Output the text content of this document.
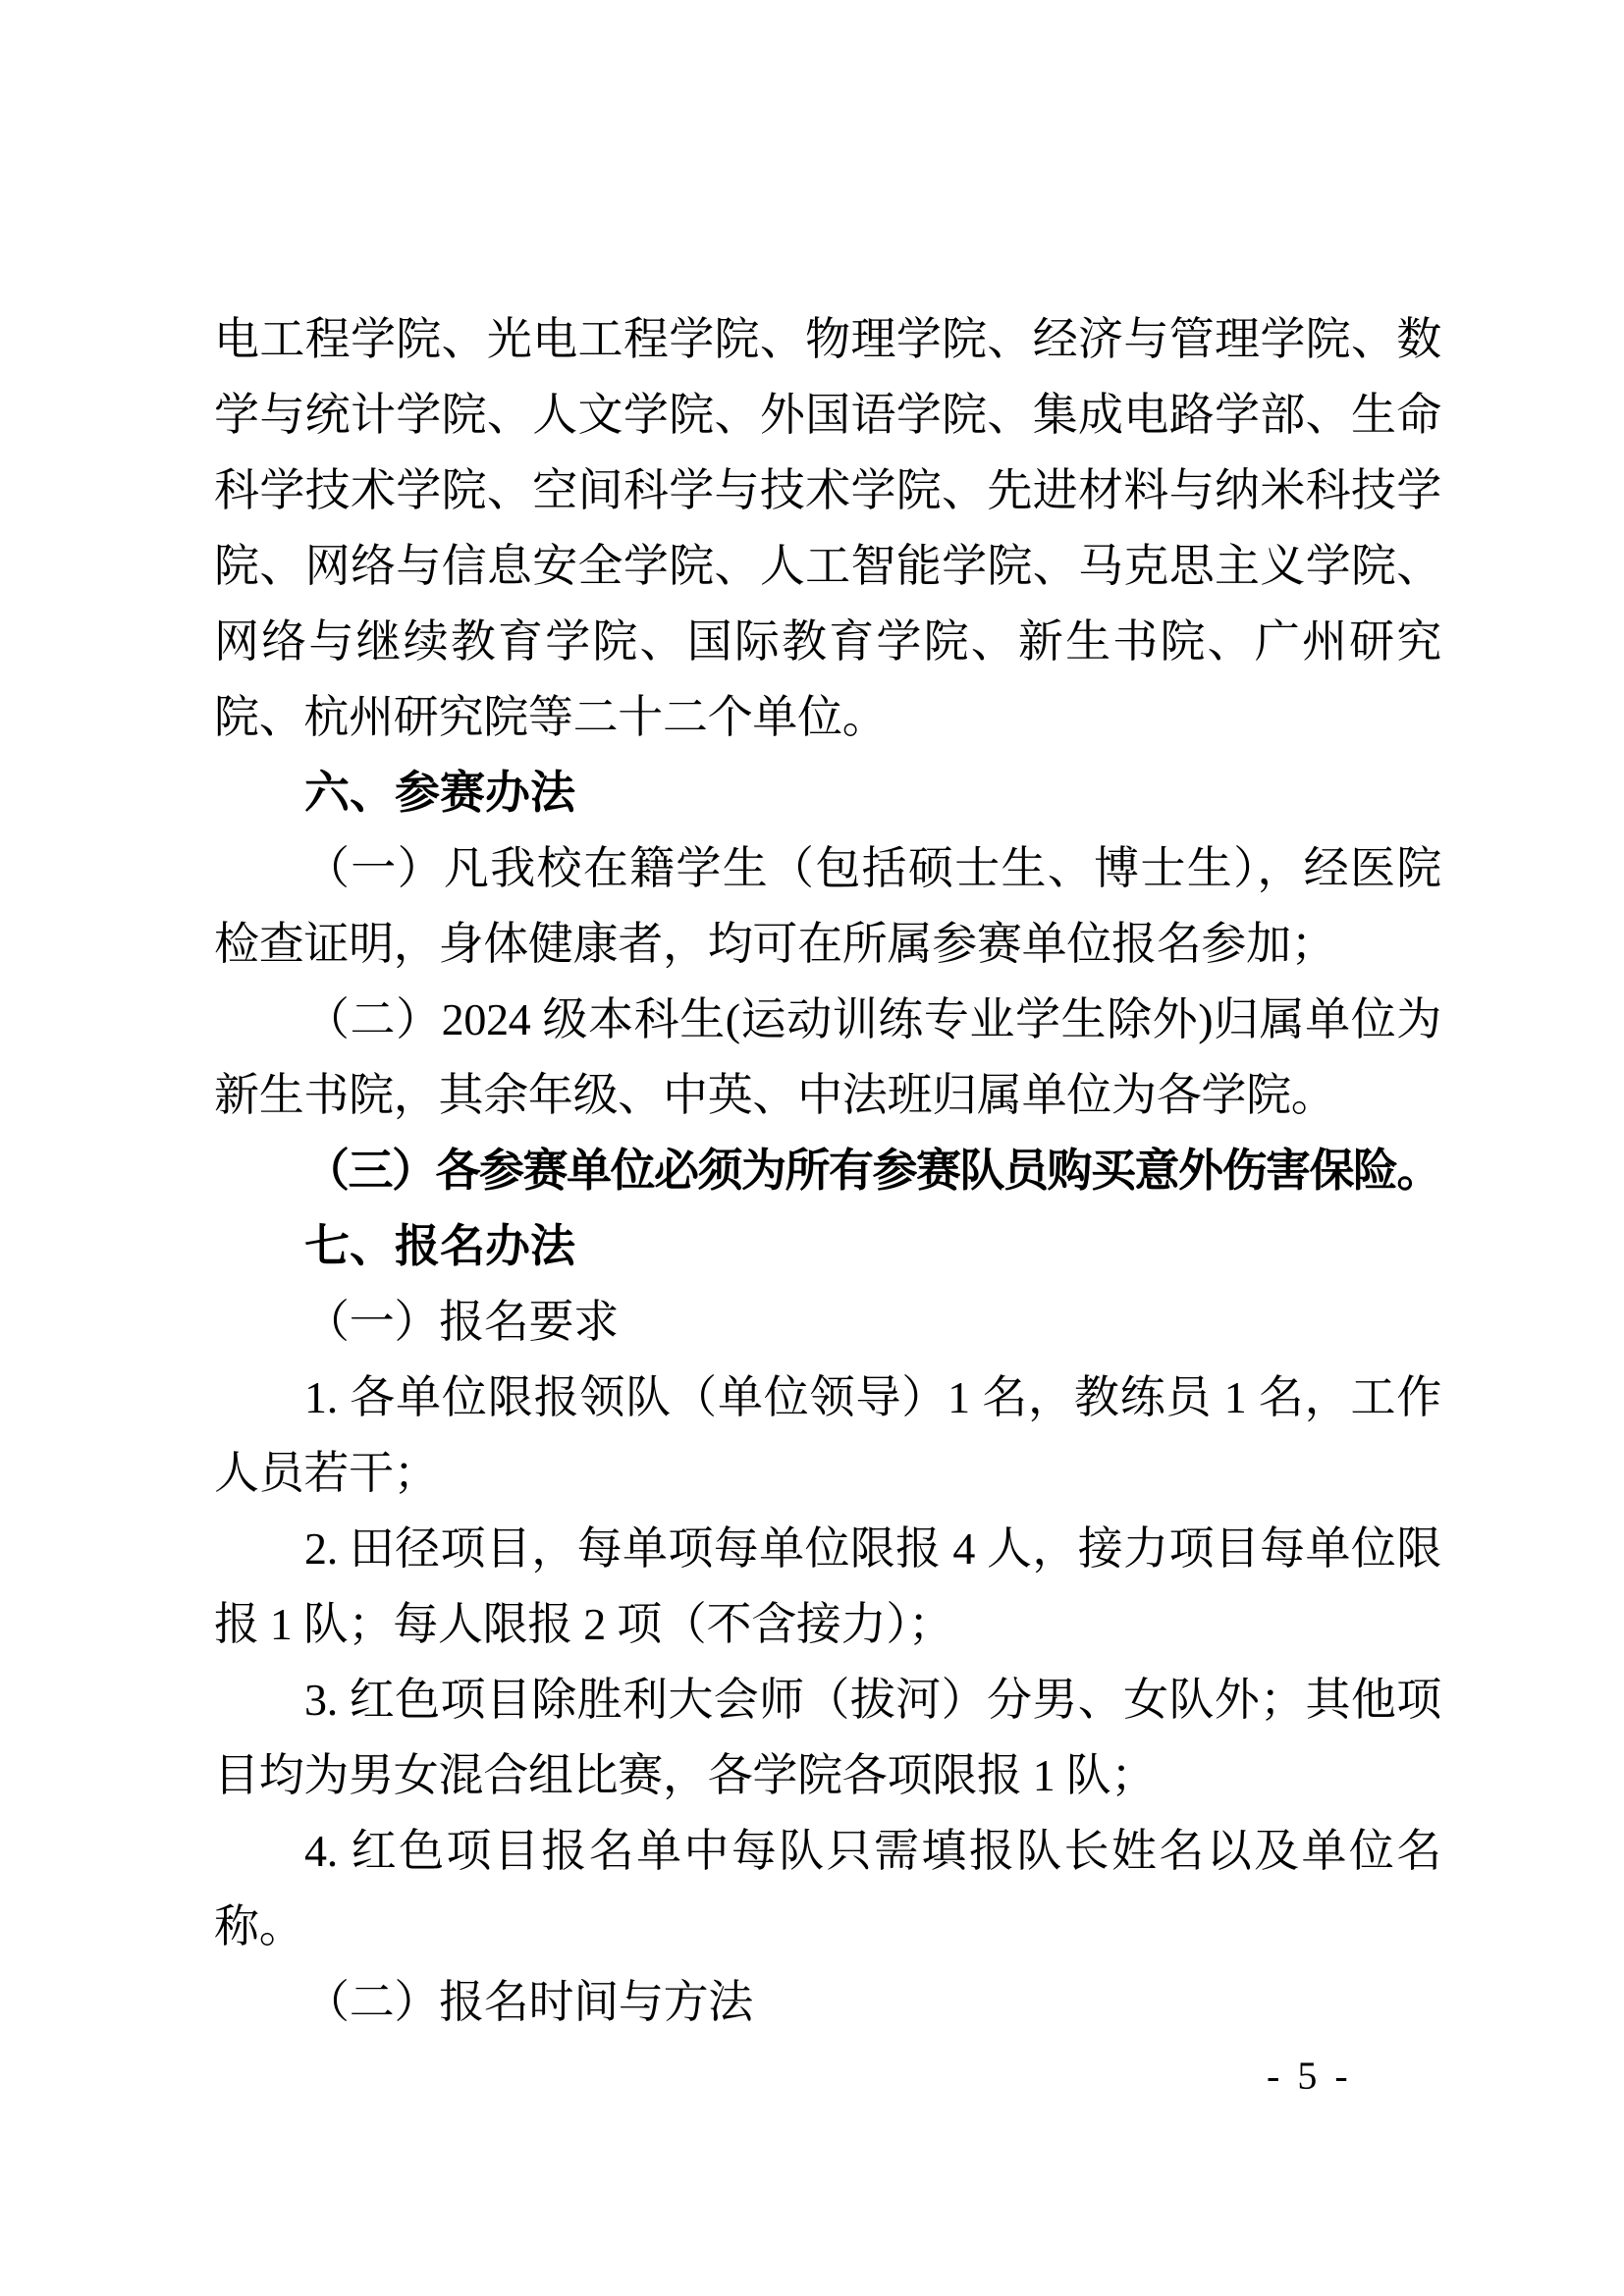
电工程学院、光电工程学院、物理学院、经济与管理学院、数学与统计学院、人文学院、外国语学院、集成电路学部、生命科学技术学院、空间科学与技术学院、先进材料与纳米科技学院、网络与信息安全学院、人工智能学院、马克思主义学院、网络与继续教育学院、国际教育学院、新生书院、广州研究院、杭州研究院等二十二个单位。

六、参赛办法

（一）凡我校在籍学生（包括硕士生、博士生），经医院检查证明，身体健康者，均可在所属参赛单位报名参加；

（二）2024 级本科生(运动训练专业学生除外)归属单位为新生书院，其余年级、中英、中法班归属单位为各学院。

（三）各参赛单位必须为所有参赛队员购买意外伤害保险。

七、报名办法

（一）报名要求

1. 各单位限报领队（单位领导）1 名，教练员 1 名，工作人员若干；

2. 田径项目，每单项每单位限报 4 人，接力项目每单位限报 1 队；每人限报 2 项（不含接力）；

3. 红色项目除胜利大会师（拔河）分男、女队外；其他项目均为男女混合组比赛，各学院各项限报 1 队；

4. 红色项目报名单中每队只需填报队长姓名以及单位名称。

（二）报名时间与方法

- 5 -
